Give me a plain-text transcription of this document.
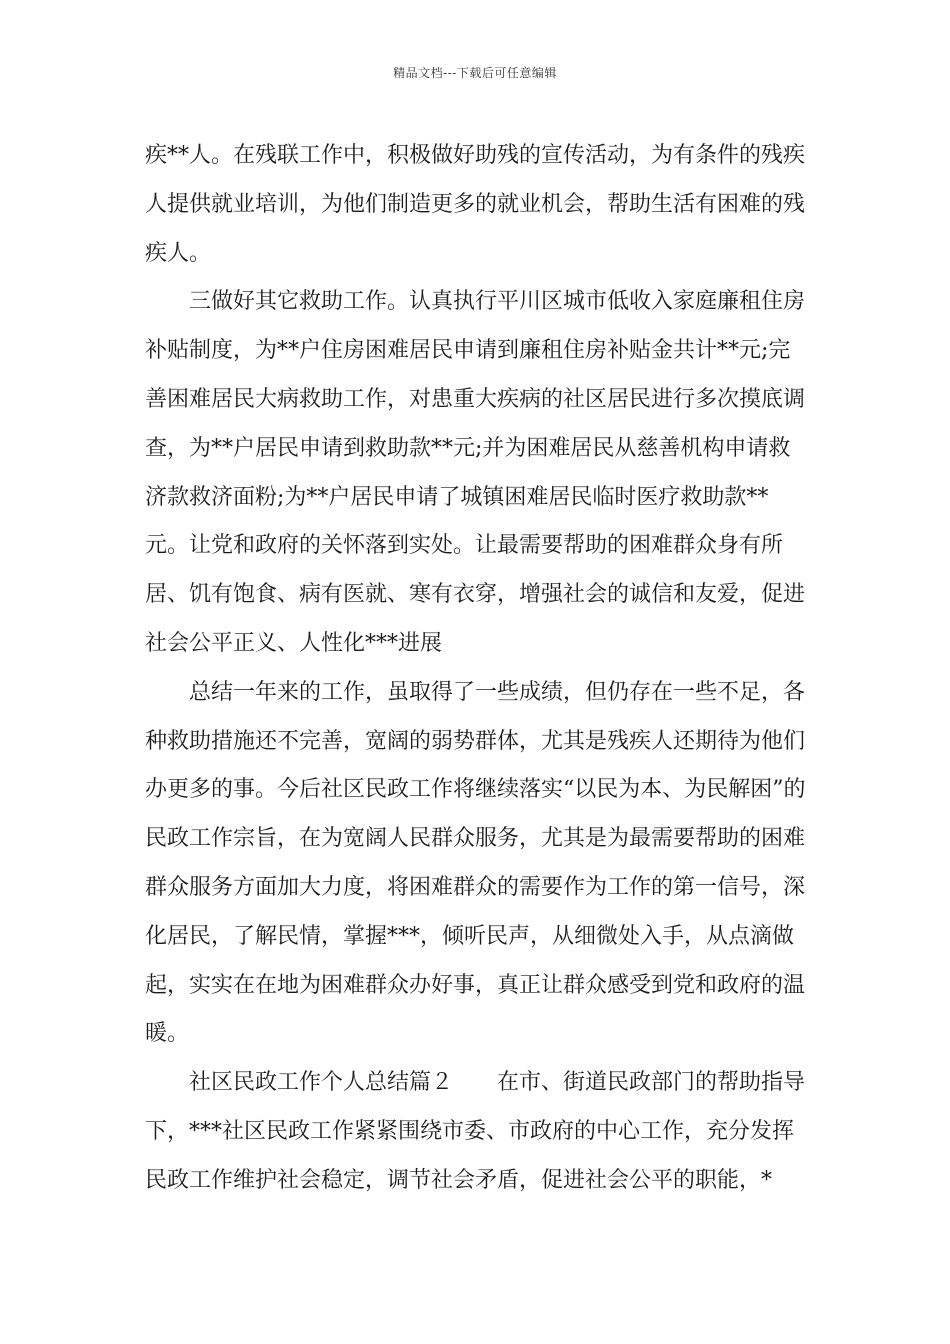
精品文档---下载后可任意编辑

疾**人。在残联工作中，积极做好助残的宣传活动，为有条件的残疾人提供就业培训，为他们制造更多的就业机会，帮助生活有困难的残疾人。

三做好其它救助工作。认真执行平川区城市低收入家庭廉租住房补贴制度，为**户住房困难居民申请到廉租住房补贴金共计**元;完善困难居民大病救助工作，对患重大疾病的社区居民进行多次摸底调查，为**户居民申请到救助款**元;并为困难居民从慈善机构申请救济款救济面粉;为**户居民申请了城镇困难居民临时医疗救助款**元。让党和政府的关怀落到实处。让最需要帮助的困难群众身有所居、饥有饱食、病有医就、寒有衣穿，增强社会的诚信和友爱，促进社会公平正义、人性化***进展

总结一年来的工作，虽取得了一些成绩，但仍存在一些不足，各种救助措施还不完善，宽阔的弱势群体，尤其是残疾人还期待为他们办更多的事。今后社区民政工作将继续落实“以民为本、为民解困”的民政工作宗旨，在为宽阔人民群众服务，尤其是为最需要帮助的困难群众服务方面加大力度，将困难群众的需要作为工作的第一信号，深化居民，了解民情，掌握***，倾听民声，从细微处入手，从点滴做起，实实在在地为困难群众办好事，真正让群众感受到党和政府的温暖。

社区民政工作个人总结篇２　　在市、街道民政部门的帮助指导下，***社区民政工作紧紧围绕市委、市政府的中心工作，充分发挥民政工作维护社会稳定，调节社会矛盾，促进社会公平的职能，*
